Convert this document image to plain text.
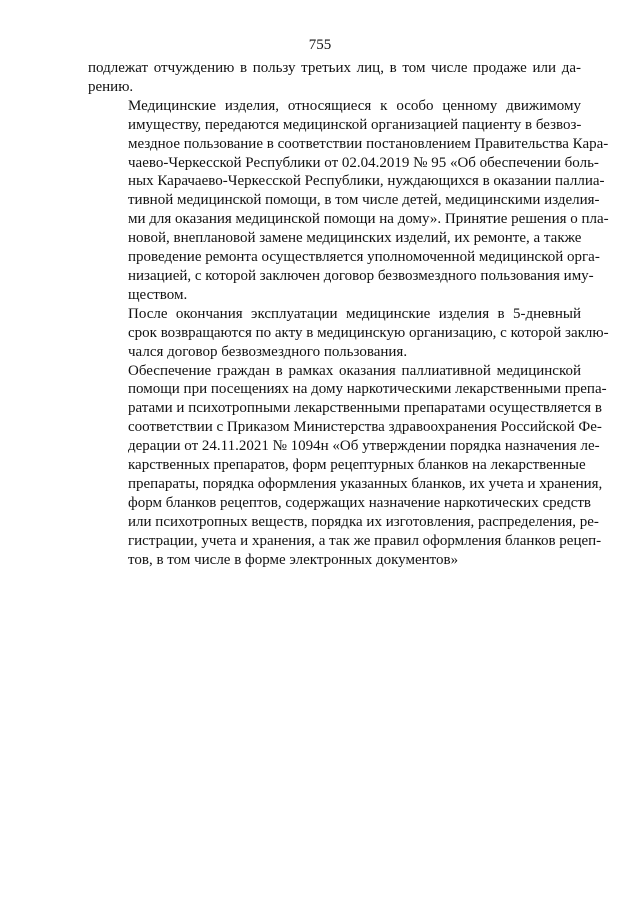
755

подлежат отчуждению в пользу третьих лиц, в том числе продаже или да-
рению.

Медицинские изделия, относящиеся к особо ценному движимому
имуществу, передаются медицинской организацией пациенту в безвоз-
мездное пользование в соответствии постановлением Правительства Кара-
чаево-Черкесской Республики от 02.04.2019 № 95 «Об обеспечении боль-
ных Карачаево-Черкесской Республики, нуждающихся в оказании паллиа-
тивной медицинской помощи, в том числе детей, медицинскими изделия-
ми для оказания медицинской помощи на дому». Принятие решения о пла-
новой, внеплановой замене медицинских изделий, их ремонте, а также
проведение ремонта осуществляется уполномоченной медицинской орга-
низацией, с которой заключен договор безвозмездного пользования иму-
ществом.

После окончания эксплуатации медицинские изделия в 5-дневный
срок возвращаются по акту в медицинскую организацию, с которой заклю-
чался договор безвозмездного пользования.

Обеспечение граждан в рамках оказания паллиативной медицинской
помощи при посещениях на дому наркотическими лекарственными препа-
ратами и психотропными лекарственными препаратами осуществляется в
соответствии с Приказом Министерства здравоохранения Российской Фе-
дерации от 24.11.2021 № 1094н «Об утверждении порядка назначения ле-
карственных препаратов, форм рецептурных бланков на лекарственные
препараты, порядка оформления указанных бланков, их учета и хранения,
форм бланков рецептов, содержащих назначение наркотических средств
или психотропных веществ, порядка их изготовления, распределения, ре-
гистрации, учета и хранения, а так же правил оформления бланков рецеп-
тов, в том числе в форме электронных документов»
